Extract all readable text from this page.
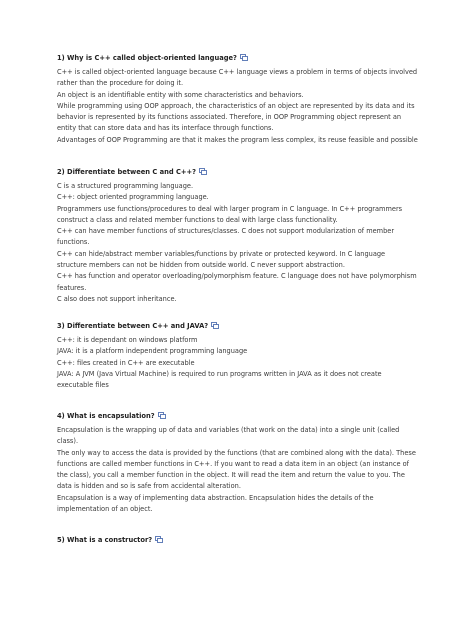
1) Why is C++ called object-oriented language?
C++ is called object-oriented language because C++ language views a problem in terms of objects involved
rather than the procedure for doing it.
An object is an identifiable entity with some characteristics and behaviors.
While programming using OOP approach, the characteristics of an object are represented by its data and its
behavior is represented by its functions associated. Therefore, in OOP Programming object represent an
entity that can store data and has its interface through functions.
Advantages of OOP Programming are that it makes the program less complex, its reuse feasible and possible
2) Differentiate between C and C++?
C is a structured programming language.
C++: object oriented programming language.
Programmers use functions/procedures to deal with larger program in C language. In C++ programmers
construct a class and related member functions to deal with large class functionality.
C++ can have member functions of structures/classes. C does not support modularization of member
functions.
C++ can hide/abstract member variables/functions by private or protected keyword. In C language
structure members can not be hidden from outside world. C never support abstraction.
C++ has function and operator overloading/polymorphism feature. C language does not have polymorphism
features.
C also does not support inheritance.
3) Differentiate between C++ and JAVA?
C++: it is dependant on windows platform
JAVA: it is a platform independent programming language
C++: files created in C++ are executable
JAVA: A JVM (Java Virtual Machine) is required to run programs written in JAVA as it does not create
executable files
4) What is encapsulation?
Encapsulation is the wrapping up of data and variables (that work on the data) into a single unit (called
class).
The only way to access the data is provided by the functions (that are combined along with the data). These
functions are called member functions in C++. If you want to read a data item in an object (an instance of
the class), you call a member function in the object. It will read the item and return the value to you. The
data is hidden and so is safe from accidental alteration.
Encapsulation is a way of implementing data abstraction. Encapsulation hides the details of the
implementation of an object.
5) What is a constructor?
